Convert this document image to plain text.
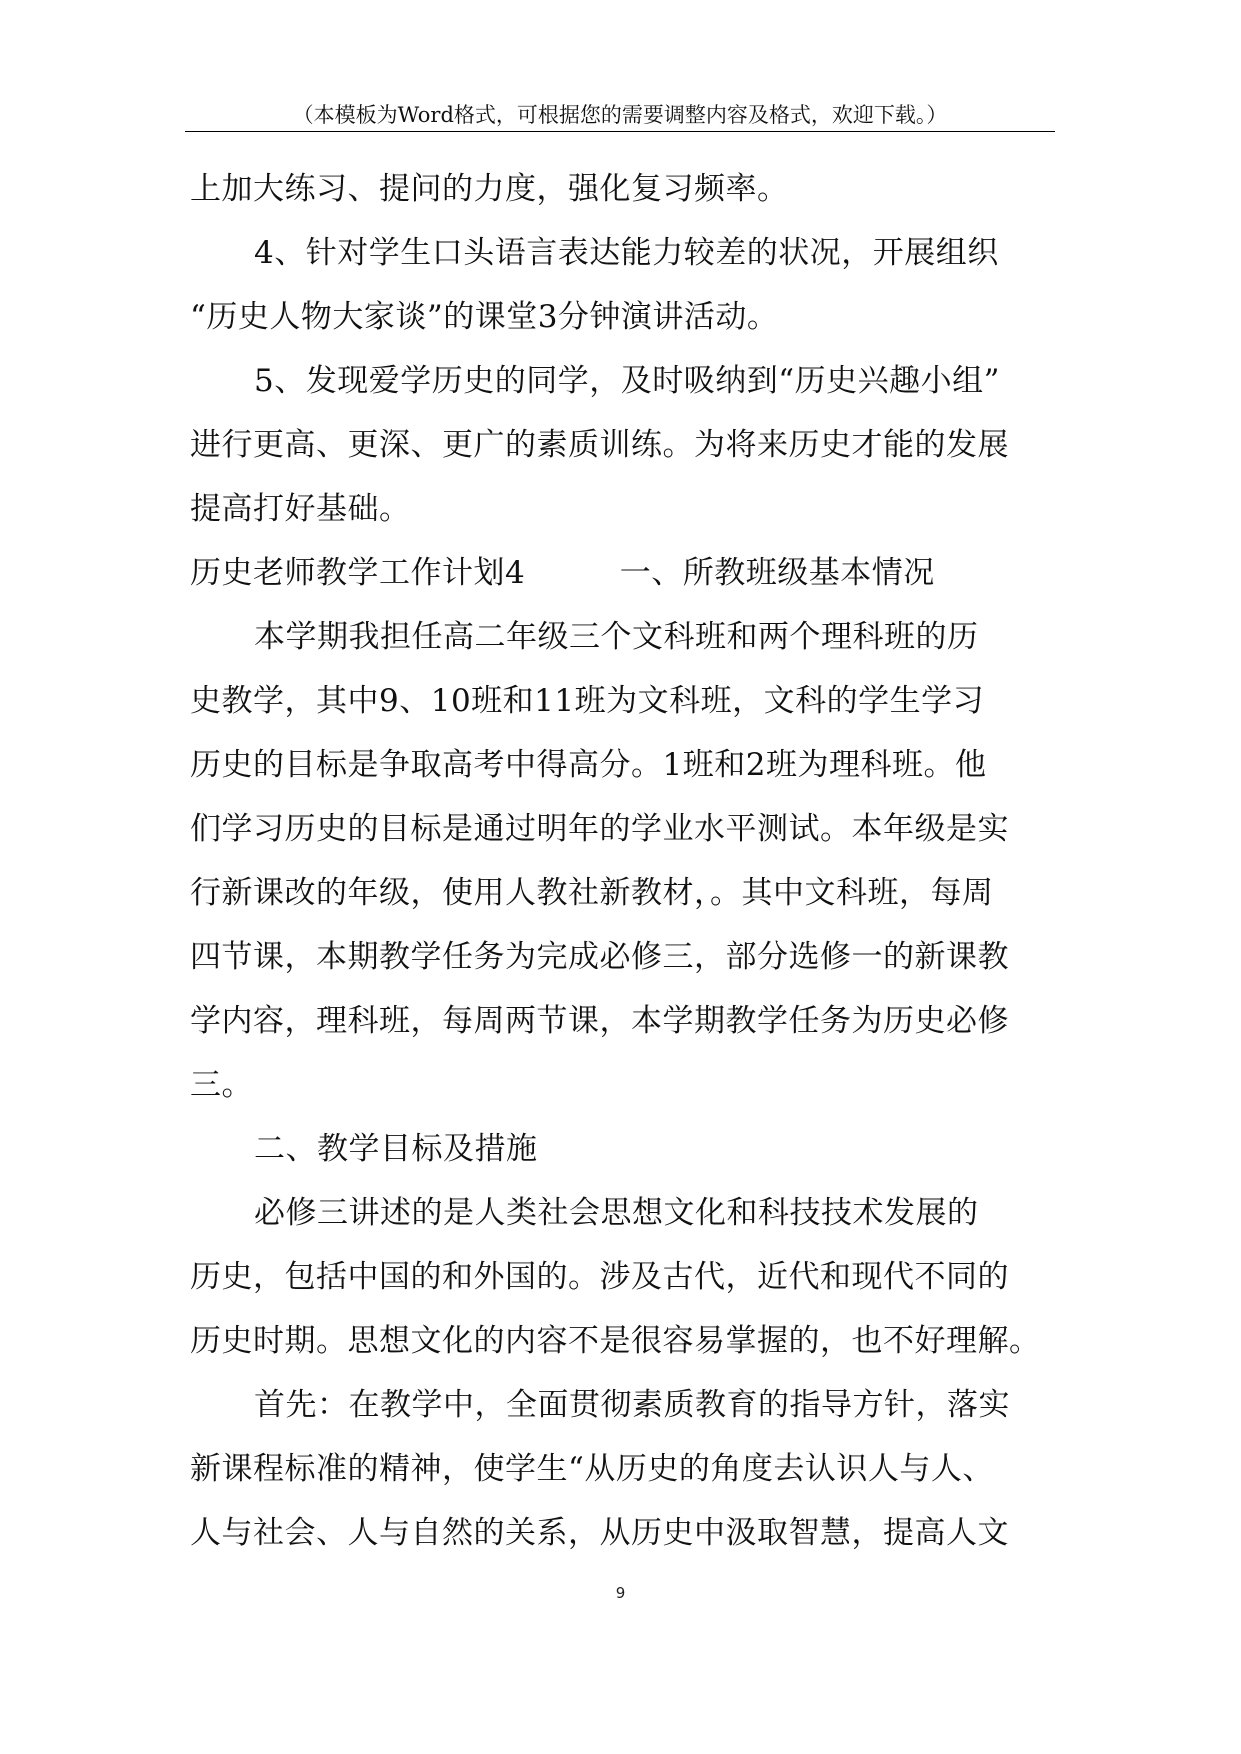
（本模板为Word格式，可根据您的需要调整内容及格式，欢迎下载。）
上加大练习、提问的力度，强化复习频率。
4、针对学生口头语言表达能力较差的状况，开展组织
“历史人物大家谈”的课堂3分钟演讲活动。
5、发现爱学历史的同学，及时吸纳到“历史兴趣小组”
进行更高、更深、更广的素质训练。为将来历史才能的发展
提高打好基础。
历史老师教学工作计划4　　　一、所教班级基本情况
本学期我担任高二年级三个文科班和两个理科班的历
史教学，其中9、10班和11班为文科班，文科的学生学习
历史的目标是争取高考中得高分。1班和2班为理科班。他
们学习历史的目标是通过明年的学业水平测试。本年级是实
行新课改的年级，使用人教社新教材，。其中文科班，每周
四节课，本期教学任务为完成必修三，部分选修一的新课教
学内容，理科班，每周两节课，本学期教学任务为历史必修
三。
二、教学目标及措施
必修三讲述的是人类社会思想文化和科技技术发展的
历史，包括中国的和外国的。涉及古代，近代和现代不同的
历史时期。思想文化的内容不是很容易掌握的，也不好理解。
首先：在教学中，全面贯彻素质教育的指导方针，落实
新课程标准的精神，使学生“从历史的角度去认识人与人、
人与社会、人与自然的关系，从历史中汲取智慧，提高人文
9
